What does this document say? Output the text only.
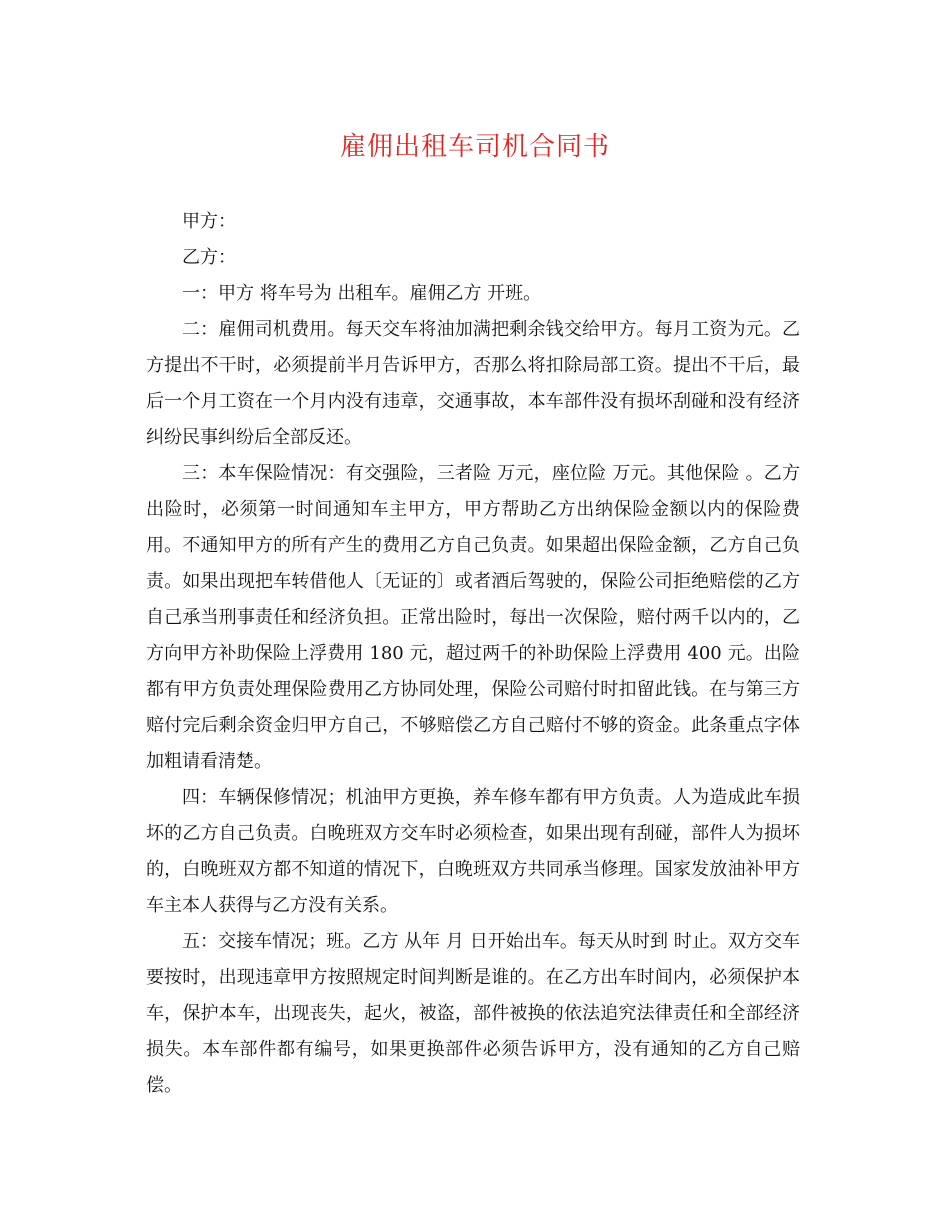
雇佣出租车司机合同书

甲方：

乙方：

一：甲方 将车号为 出租车。雇佣乙方 开班。

二：雇佣司机费用。每天交车将油加满把剩余钱交给甲方。每月工资为元。乙方提出不干时，必须提前半月告诉甲方，否那么将扣除局部工资。提出不干后，最后一个月工资在一个月内没有违章，交通事故，本车部件没有损坏刮碰和没有经济纠纷民事纠纷后全部反还。

三：本车保险情况：有交强险，三者险 万元，座位险 万元。其他保险 。乙方出险时，必须第一时间通知车主甲方，甲方帮助乙方出纳保险金额以内的保险费用。不通知甲方的所有产生的费用乙方自己负责。如果超出保险金额，乙方自己负责。如果出现把车转借他人〔无证的〕或者酒后驾驶的，保险公司拒绝赔偿的乙方自己承当刑事责任和经济负担。正常出险时，每出一次保险，赔付两千以内的，乙方向甲方补助保险上浮费用 180 元，超过两千的补助保险上浮费用 400 元。出险都有甲方负责处理保险费用乙方协同处理，保险公司赔付时扣留此钱。在与第三方赔付完后剩余资金归甲方自己，不够赔偿乙方自己赔付不够的资金。此条重点字体加粗请看清楚。

四：车辆保修情况；机油甲方更换，养车修车都有甲方负责。人为造成此车损坏的乙方自己负责。白晚班双方交车时必须检查，如果出现有刮碰，部件人为损坏的，白晚班双方都不知道的情况下，白晚班双方共同承当修理。国家发放油补甲方车主本人获得与乙方没有关系。

五：交接车情况；班。乙方 从年 月 日开始出车。每天从时到 时止。双方交车要按时，出现违章甲方按照规定时间判断是谁的。在乙方出车时间内，必须保护本车，保护本车，出现丧失，起火，被盗，部件被换的依法追究法律责任和全部经济损失。本车部件都有编号，如果更换部件必须告诉甲方，没有通知的乙方自己赔偿。
